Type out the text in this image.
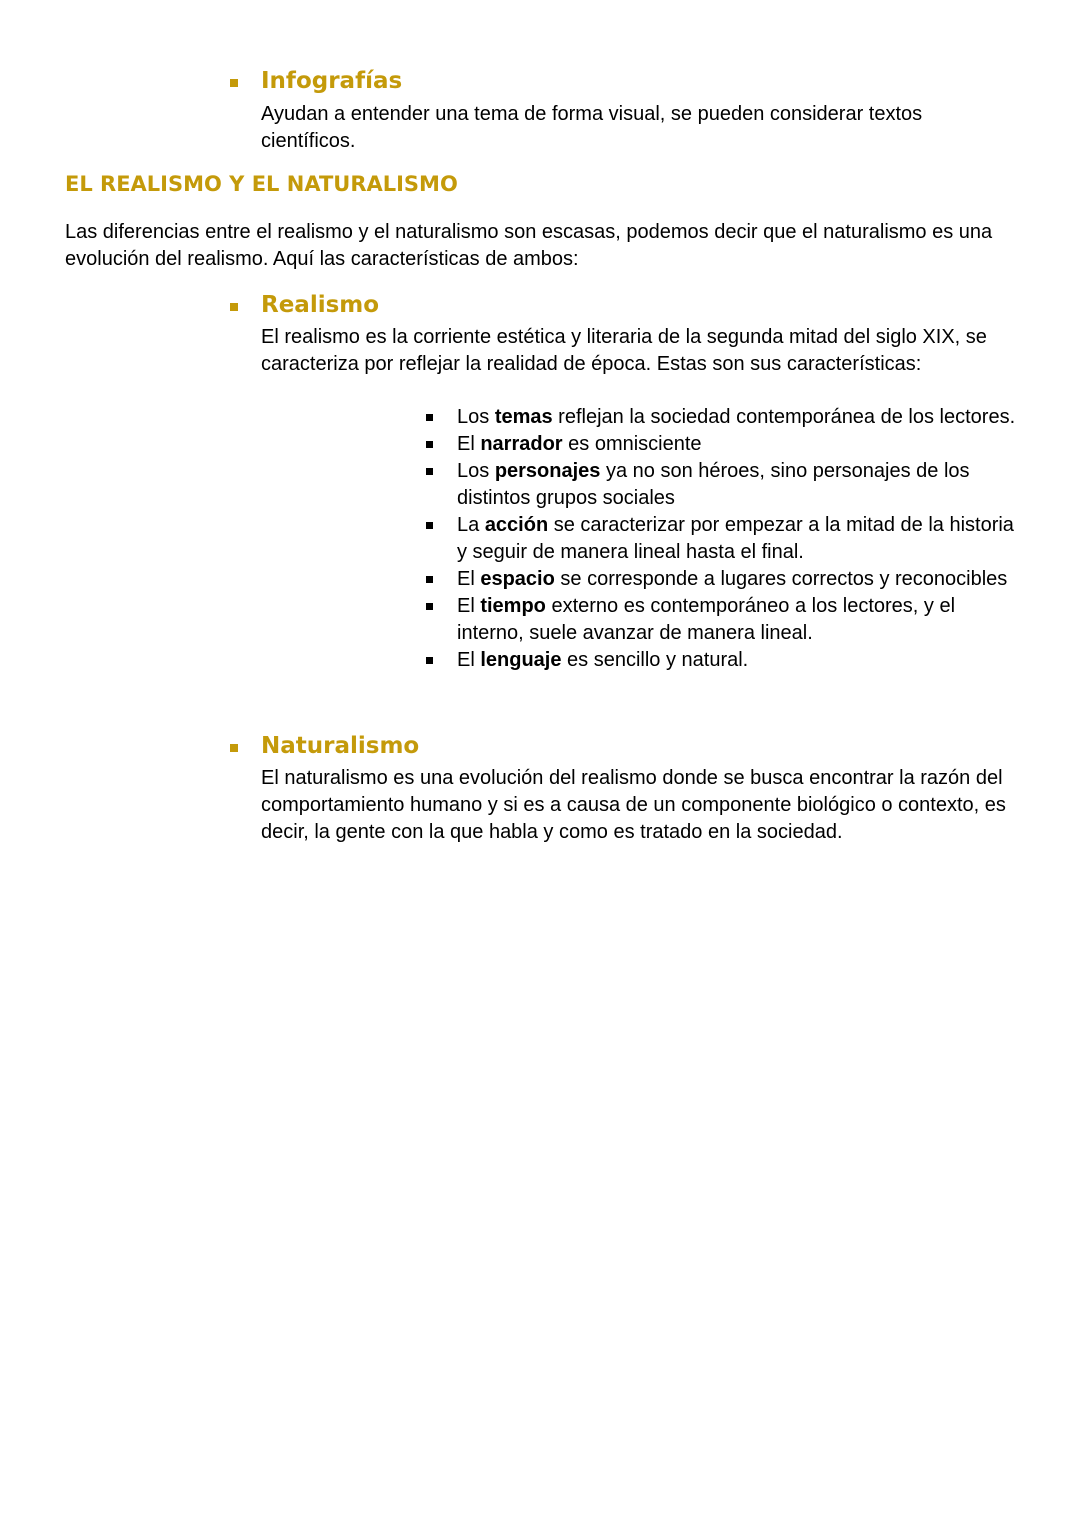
Infografías
Ayudan a entender una tema de forma visual, se pueden considerar textos científicos.
EL REALISMO Y EL NATURALISMO
Las diferencias entre el realismo y el naturalismo son escasas, podemos decir que el naturalismo es una evolución del realismo. Aquí las características de ambos:
Realismo
El realismo es la corriente estética y literaria de la segunda mitad del siglo XIX, se caracteriza por reflejar la realidad de época. Estas son sus características:
Los temas reflejan la sociedad contemporánea de los lectores.
El narrador es omnisciente
Los personajes ya no son héroes, sino personajes de los distintos grupos sociales
La acción se caracterizar por empezar a la mitad de la historia y seguir de manera lineal hasta el final.
El espacio se corresponde a lugares correctos y reconocibles
El tiempo externo es contemporáneo a los lectores, y el interno, suele avanzar de manera lineal.
El lenguaje es sencillo y natural.
Naturalismo
El naturalismo es una evolución del realismo donde se busca encontrar la razón del comportamiento humano y si es a causa de un componente biológico o contexto, es decir, la gente con la que habla y como es tratado en la sociedad.
